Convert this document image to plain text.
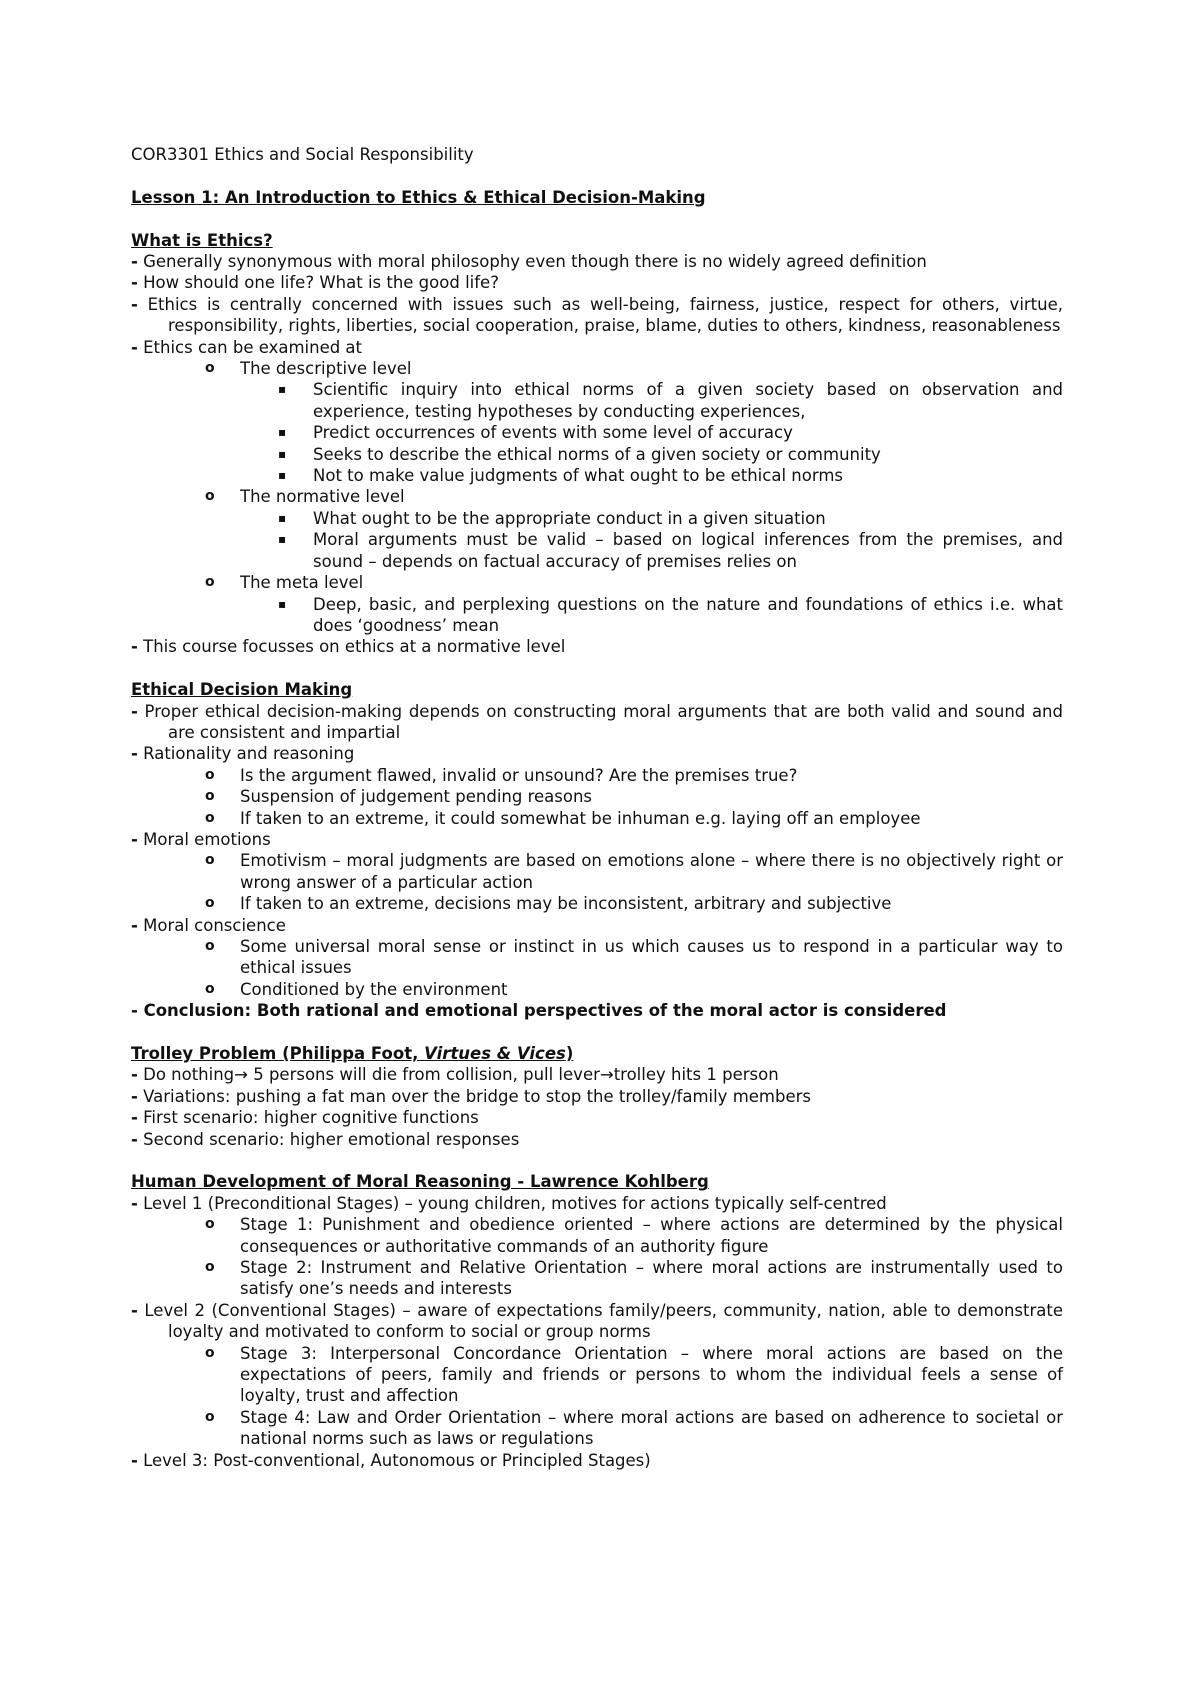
COR3301 Ethics and Social Responsibility

Lesson 1: An Introduction to Ethics & Ethical Decision-Making

What is Ethics?

- Generally synonymous with moral philosophy even though there is no widely agreed definition

- How should one life? What is the good life?

- Ethics is centrally concerned with issues such as well-being, fairness, justice, respect for others, virtue, responsibility, rights, liberties, social cooperation, praise, blame, duties to others, kindness, reasonableness

- Ethics can be examined at

o The descriptive level

▪ Scientific inquiry into ethical norms of a given society based on observation and experience, testing hypotheses by conducting experiences,

▪ Predict occurrences of events with some level of accuracy

▪ Seeks to describe the ethical norms of a given society or community

▪ Not to make value judgments of what ought to be ethical norms

o The normative level

▪ What ought to be the appropriate conduct in a given situation

▪ Moral arguments must be valid – based on logical inferences from the premises, and sound – depends on factual accuracy of premises relies on

o The meta level

▪ Deep, basic, and perplexing questions on the nature and foundations of ethics i.e. what does ‘goodness’ mean

- This course focusses on ethics at a normative level

Ethical Decision Making

- Proper ethical decision-making depends on constructing moral arguments that are both valid and sound and are consistent and impartial

- Rationality and reasoning

o Is the argument flawed, invalid or unsound? Are the premises true?

o Suspension of judgement pending reasons

o If taken to an extreme, it could somewhat be inhuman e.g. laying off an employee

- Moral emotions

o Emotivism – moral judgments are based on emotions alone – where there is no objectively right or wrong answer of a particular action

o If taken to an extreme, decisions may be inconsistent, arbitrary and subjective

- Moral conscience

o Some universal moral sense or instinct in us which causes us to respond in a particular way to ethical issues

o Conditioned by the environment

- Conclusion: Both rational and emotional perspectives of the moral actor is considered

Trolley Problem (Philippa Foot, Virtues & Vices)

- Do nothing→ 5 persons will die from collision, pull lever→trolley hits 1 person

- Variations: pushing a fat man over the bridge to stop the trolley/family members

- First scenario: higher cognitive functions

- Second scenario: higher emotional responses

Human Development of Moral Reasoning - Lawrence Kohlberg

- Level 1 (Preconditional Stages) – young children, motives for actions typically self-centred

o Stage 1: Punishment and obedience oriented – where actions are determined by the physical consequences or authoritative commands of an authority figure

o Stage 2: Instrument and Relative Orientation – where moral actions are instrumentally used to satisfy one’s needs and interests

- Level 2 (Conventional Stages) – aware of expectations family/peers, community, nation, able to demonstrate loyalty and motivated to conform to social or group norms

o Stage 3: Interpersonal Concordance Orientation – where moral actions are based on the expectations of peers, family and friends or persons to whom the individual feels a sense of loyalty, trust and affection

o Stage 4: Law and Order Orientation – where moral actions are based on adherence to societal or national norms such as laws or regulations

- Level 3: Post-conventional, Autonomous or Principled Stages)
